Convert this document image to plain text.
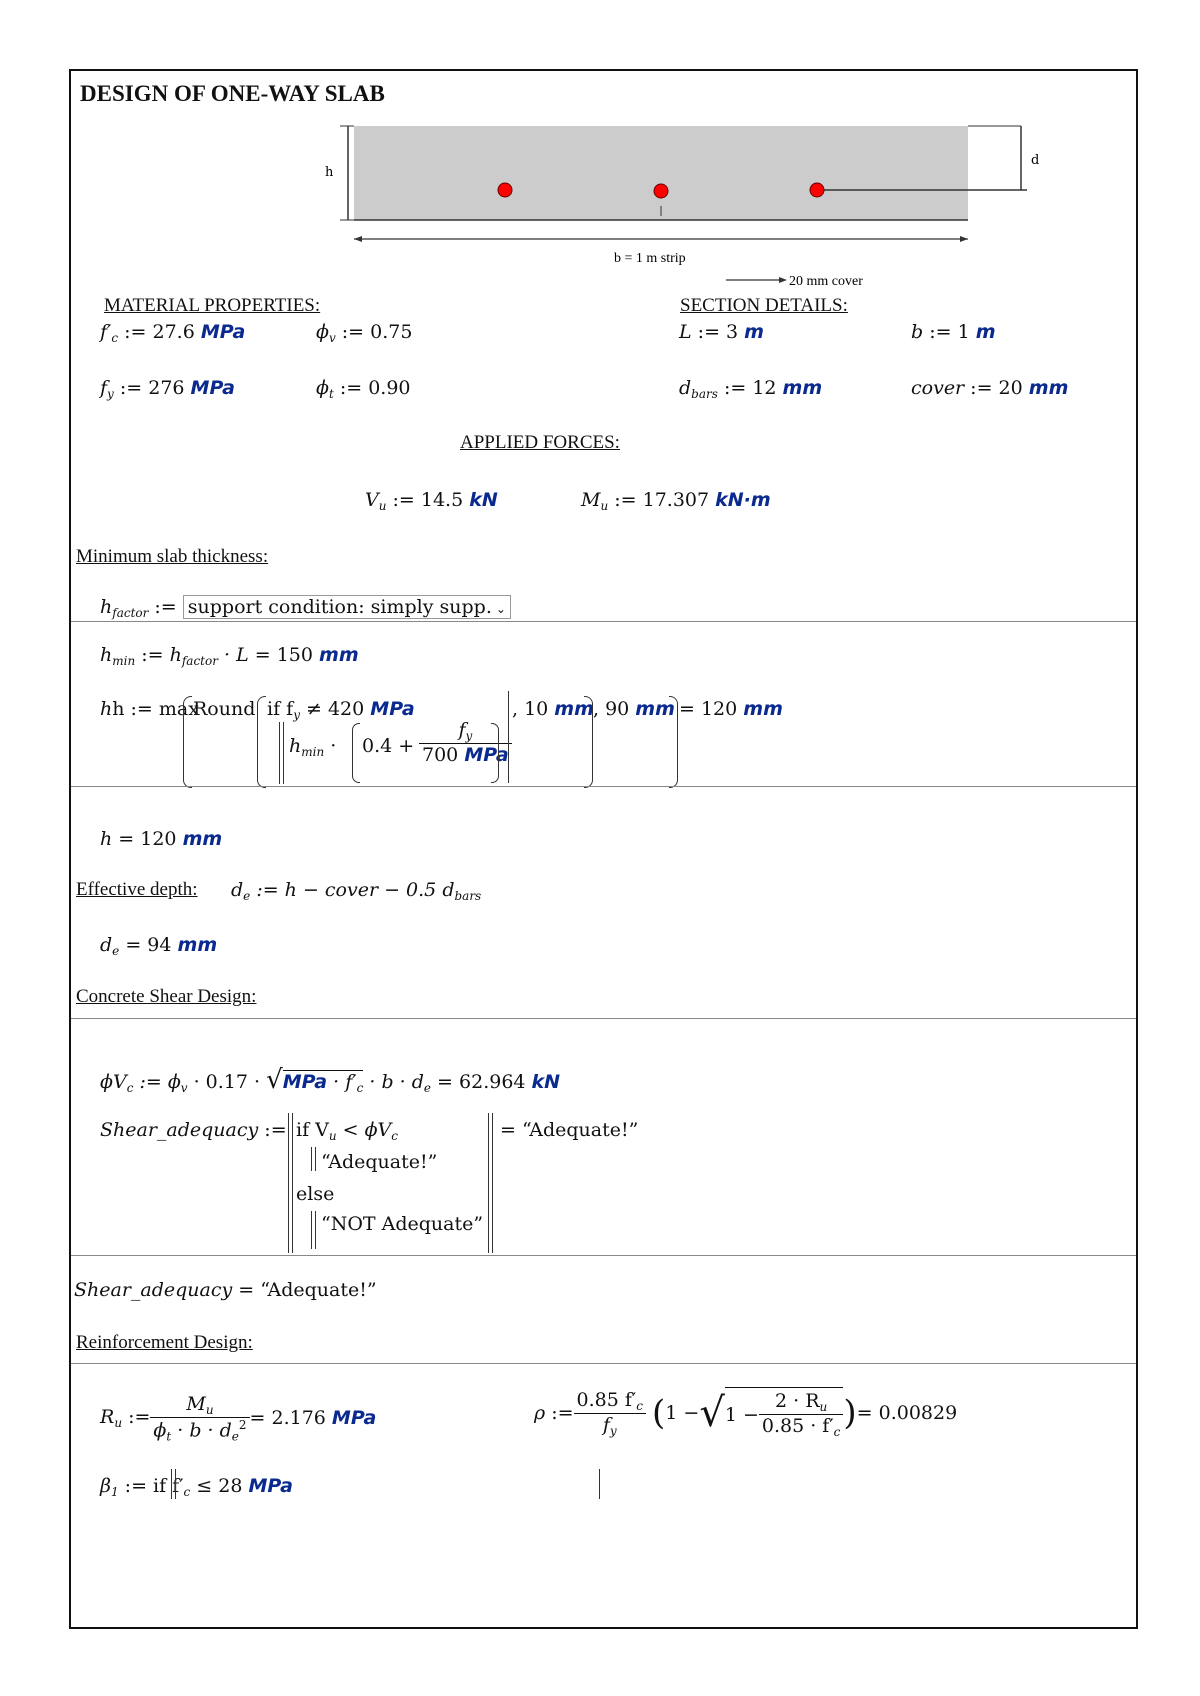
DESIGN OF ONE-WAY SLAB
h
d
b = 1 m strip
20 mm cover
MATERIAL PROPERTIES:
$f'_c$ := 27.6 MPa	$\phi_v$ := 0.75
$f_y$ := 276 MPa	$\phi_t$ := 0.90
SECTION DETAILS:
L := 3 m	b := 1 m
$d_{bars}$ := 12 mm	cover := 20 mm
APPLIED FORCES:
$V_u$ := 14.5 kN	$M_u$ := 17.307 kN·m
Minimum slab thickness:
$h_{factor}$ := support condition: simply supp. ⌄
$h_{min}$ := $h_{factor} \cdot L = 150$ mm
hh := max
Round if $f_y \ne 420$ MPa
$h_{min} \cdot 0.4 + \frac{f_y}{\text{700 MPa}}$
, 10 mm , 90 mm = 120 mm
h = 120 mm
Effective depth: $d_e$ := h − cover − 0.5 $d_{bars}$
$d_e = 94$ mm
Concrete Shear Design:
$\phi V_c$ := $\phi_v \cdot 0.17 \cdot √MPa \cdot f'_c \cdot b \cdot d_e = 62.964$ kN
Shear_adequacy := if $V_u < \phi V_c$
“Adequate!”
else
“NOT Adequate”
= “Adequate!”
Shear_adequacy = “Adequate!”
Reinforcement Design:
$R_u$ := $\frac{M_u}{\phi_t \cdot b \cdot d_e^2} = 2.176$ MPa	ρ := $\frac{0.85 f'_c}{f_y} (1 -√1 - \frac{2 \cdot R_u}{0.85 \cdot f'_c}$ )= 0.00829
$\beta_1$ := if $f'_c \le 28$ MPa
